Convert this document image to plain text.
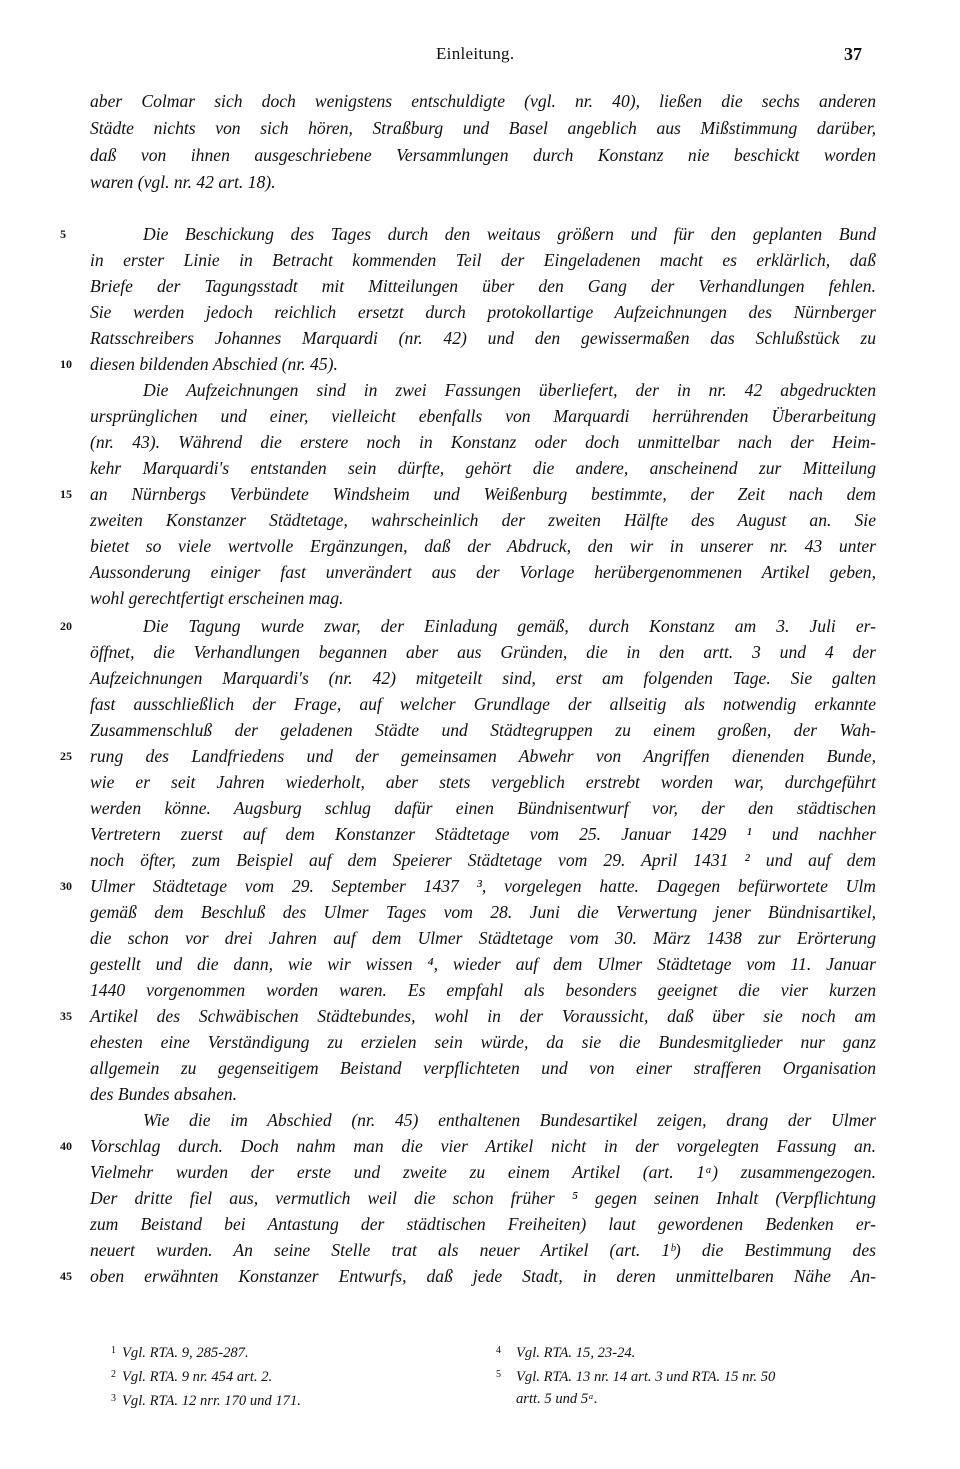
Einleitung.	37
aber Colmar sich doch wenigstens entschuldigte (vgl. nr. 40), ließen die sechs anderen
Städte nichts von sich hören, Straßburg und Basel angeblich aus Mißstimmung darüber,
daß von ihnen ausgeschriebene Versammlungen durch Konstanz nie beschickt worden
waren (vgl. nr. 42 art. 18).
Die Beschickung des Tages durch den weitaus größern und für den geplanten Bund
in erster Linie in Betracht kommenden Teil der Eingeladenen macht es erklärlich, daß
Briefe der Tagungsstadt mit Mitteilungen über den Gang der Verhandlungen fehlen.
Sie werden jedoch reichlich ersetzt durch protokollartige Aufzeichnungen des Nürnberger
Ratsschreibers Johannes Marquardi (nr. 42) und den gewissermaßen das Schlußstück zu
diesen bildenden Abschied (nr. 45).
Die Aufzeichnungen sind in zwei Fassungen überliefert, der in nr. 42 abgedruckten
ursprünglichen und einer, vielleicht ebenfalls von Marquardi herrührenden Überarbeitung
(nr. 43). Während die erstere noch in Konstanz oder doch unmittelbar nach der Heim-
kehr Marquardi's entstanden sein dürfte, gehört die andere, anscheinend zur Mitteilung
an Nürnbergs Verbündete Windsheim und Weißenburg bestimmte, der Zeit nach dem
zweiten Konstanzer Städtetage, wahrscheinlich der zweiten Hälfte des August an. Sie
bietet so viele wertvolle Ergänzungen, daß der Abdruck, den wir in unserer nr. 43 unter
Aussonderung einiger fast unverändert aus der Vorlage herübergenommenen Artikel geben,
wohl gerechtfertigt erscheinen mag.
Die Tagung wurde zwar, der Einladung gemäß, durch Konstanz am 3. Juli er-
öffnet, die Verhandlungen begannen aber aus Gründen, die in den artt. 3 und 4 der
Aufzeichnungen Marquardi's (nr. 42) mitgeteilt sind, erst am folgenden Tage. Sie galten
fast ausschließlich der Frage, auf welcher Grundlage der allseitig als notwendig erkannte
Zusammenschluß der geladenen Städte und Städtegruppen zu einem großen, der Wah-
rung des Landfriedens und der gemeinsamen Abwehr von Angriffen dienenden Bunde,
wie er seit Jahren wiederholt, aber stets vergeblich erstrebt worden war, durchgeführt
werden könne. Augsburg schlug dafür einen Bündnisentwurf vor, der den städtischen
Vertretern zuerst auf dem Konstanzer Städtetage vom 25. Januar 1429 ¹ und nachher
noch öfter, zum Beispiel auf dem Speierer Städtetage vom 29. April 1431 ² und auf dem
Ulmer Städtetage vom 29. September 1437 ³, vorgelegen hatte. Dagegen befürwortete Ulm
gemäß dem Beschluß des Ulmer Tages vom 28. Juni die Verwertung jener Bündnisartikel,
die schon vor drei Jahren auf dem Ulmer Städtetage vom 30. März 1438 zur Erörterung
gestellt und die dann, wie wir wissen ⁴, wieder auf dem Ulmer Städtetage vom 11. Januar
1440 vorgenommen worden waren. Es empfahl als besonders geeignet die vier kurzen
Artikel des Schwäbischen Städtebundes, wohl in der Voraussicht, daß über sie noch am
ehesten eine Verständigung zu erzielen sein würde, da sie die Bundesmitglieder nur ganz
allgemein zu gegenseitigem Beistand verpflichteten und von einer strafferen Organisation
des Bundes absahen.
Wie die im Abschied (nr. 45) enthaltenen Bundesartikel zeigen, drang der Ulmer
Vorschlag durch. Doch nahm man die vier Artikel nicht in der vorgelegten Fassung an.
Vielmehr wurden der erste und zweite zu einem Artikel (art. 1ᵃ) zusammengezogen.
Der dritte fiel aus, vermutlich weil die schon früher ⁵ gegen seinen Inhalt (Verpflichtung
zum Beistand bei Antastung der städtischen Freiheiten) laut gewordenen Bedenken er-
neuert wurden. An seine Stelle trat als neuer Artikel (art. 1ᵇ) die Bestimmung des
oben erwähnten Konstanzer Entwurfs, daß jede Stadt, in deren unmittelbaren Nähe An-
5
10
15
20
25
30
35
40
45
1 Vgl. RTA. 9, 285-287.
2 Vgl. RTA. 9 nr. 454 art. 2.
3 Vgl. RTA. 12 nrr. 170 und 171.
4 Vgl. RTA. 15, 23-24.
5 Vgl. RTA. 13 nr. 14 art. 3 und RTA. 15 nr. 50
artt. 5 und 5ᵃ.
